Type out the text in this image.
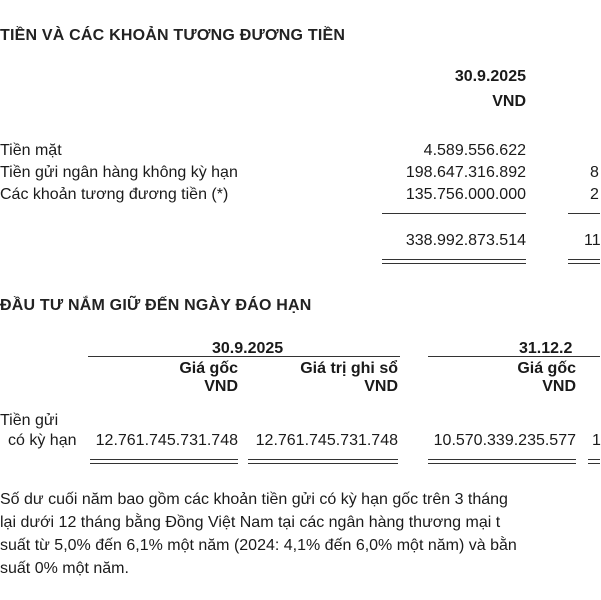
TIỀN VÀ CÁC KHOẢN TƯƠNG ĐƯƠNG TIỀN
30.9.2025
VND
Tiền mặt	4.589.556.622
Tiền gửi ngân hàng không kỳ hạn	198.647.316.892	8
Các khoản tương đương tiền (*)	135.756.000.000	2
338.992.873.514	11
ĐẦU TƯ NẮM GIỮ ĐẾN NGÀY ĐÁO HẠN
30.9.2025	31.12.2
Giá gốc
VND
Giá trị ghi sổ
VND
Giá gốc
VND
Tiền gửi
có kỳ hạn	12.761.745.731.748	12.761.745.731.748	10.570.339.235.577 1
Số dư cuối năm bao gồm các khoản tiền gửi có kỳ hạn gốc trên 3 tháng
lại dưới 12 tháng bằng Đồng Việt Nam tại các ngân hàng thương mại t
suất từ 5,0% đến 6,1% một năm (2024: 4,1% đến 6,0% một năm) và bằn
suất 0% một năm.
